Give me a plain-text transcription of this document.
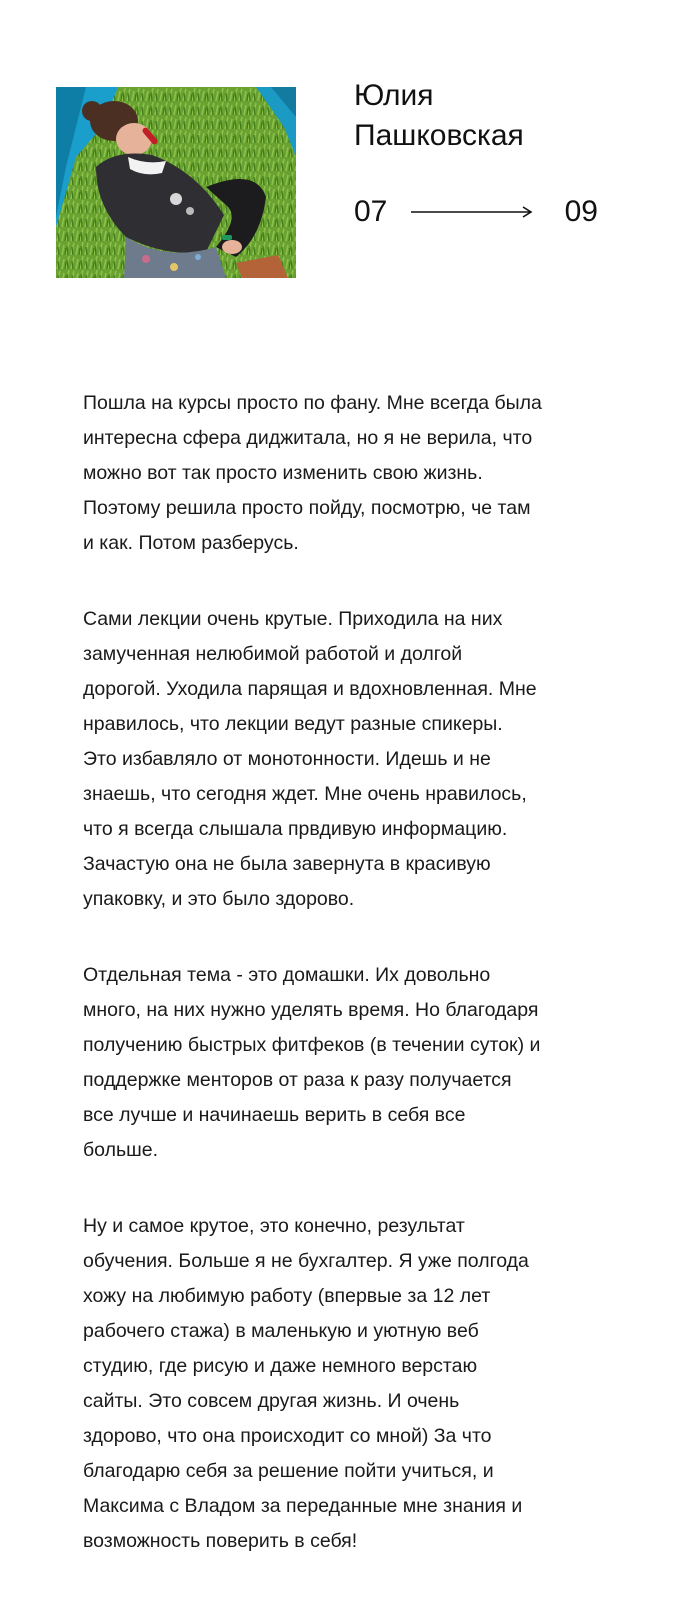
Юлия
Пашковская
07	09

Пошла на курсы просто по фану. Мне всегда была
интересна сфера диджитала, но я не верила, что
можно вот так просто изменить свою жизнь.
Поэтому решила просто пойду, посмотрю, че там
и как. Потом разберусь.

Сами лекции очень крутые. Приходила на них
замученная нелюбимой работой и долгой
дорогой. Уходила парящая и вдохновленная. Мне
нравилось, что лекции ведут разные спикеры.
Это избавляло от монотонности. Идешь и не
знаешь, что сегодня ждет. Мне очень нравилось,
что я всегда слышала првдивую информацию.
Зачастую она не была завернута в красивую
упаковку, и это было здорово.

Отдельная тема - это домашки. Их довольно
много, на них нужно уделять время. Но благодаря
получению быстрых фитфеков (в течении суток) и
поддержке менторов от раза к разу получается
все лучше и начинаешь верить в себя все
больше.

Ну и самое крутое, это конечно, результат
обучения. Больше я не бухгалтер. Я уже полгода
хожу на любимую работу (впервые за 12 лет
рабочего стажа) в маленькую и уютную веб
студию, где рисую и даже немного верстаю
сайты. Это совсем другая жизнь. И очень
здорово, что она происходит со мной) За что
благодарю себя за решение пойти учиться, и
Максима с Владом за переданные мне знания и
возможность поверить в себя!
